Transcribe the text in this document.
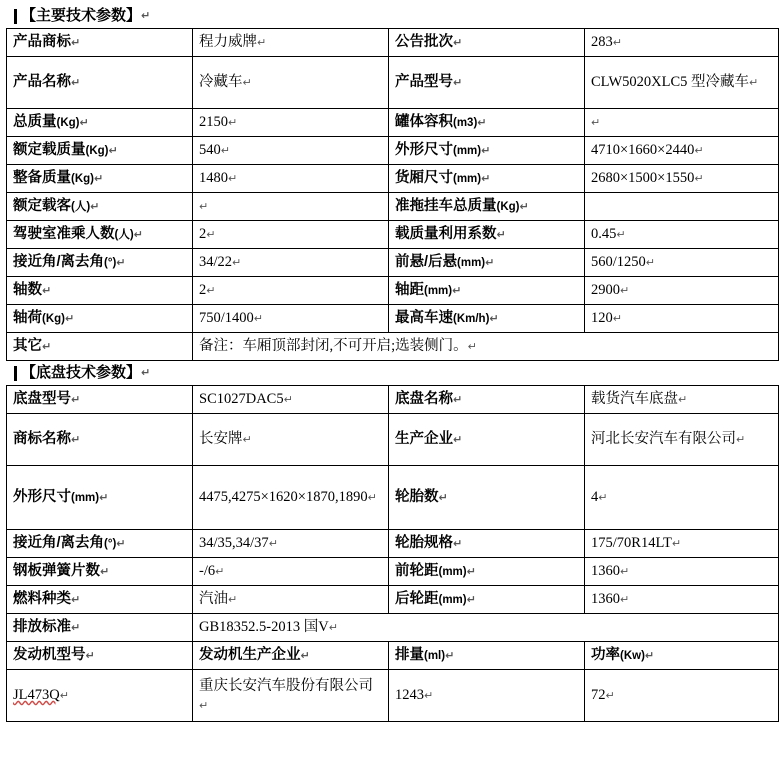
【主要技术参数】 ↵
产品商标↵	程力威牌↵	公告批次↵	283↵
产品名称↵	冷藏车↵	产品型号↵	CLW5020XLC5 型冷藏车↵
总质量(Kg)↵	2150↵	罐体容积(m3)↵	↵
额定载质量(Kg)↵	540↵	外形尺寸(mm)↵	4710×1660×2440↵
整备质量(Kg)↵	1480↵	货厢尺寸(mm)↵	2680×1500×1550↵
额定载客(人)↵	↵	准拖挂车总质量(Kg)↵	
驾驶室准乘人数(人)↵	2↵	载质量利用系数↵	0.45↵
接近角/离去角(°)↵	34/22↵	前悬/后悬(mm)↵	560/1250↵
轴数↵	2↵	轴距(mm)↵	2900↵
轴荷(Kg)↵	750/1400↵	最高车速(Km/h)↵	120↵
其它↵	备注：车厢顶部封闭,不可开启;选装侧门。↵		
【底盘技术参数】 ↵
底盘型号↵	SC1027DAC5↵	底盘名称↵	载货汽车底盘↵
商标名称↵	长安牌↵	生产企业↵	河北长安汽车有限公司↵
外形尺寸(mm)↵	4475,4275×1620×1870,1890↵	轮胎数↵	4↵
接近角/离去角(°)↵	34/35,34/37↵	轮胎规格↵	175/70R14LT↵
钢板弹簧片数↵	-/6↵	前轮距(mm)↵	1360↵
燃料种类↵	汽油↵	后轮距(mm)↵	1360↵
排放标准↵	GB18352.5-2013 国V↵		
发动机型号↵	发动机生产企业↵	排量(ml)↵	功率(Kw)↵
JL473Q↵	重庆长安汽车股份有限公司↵	1243↵	72↵
